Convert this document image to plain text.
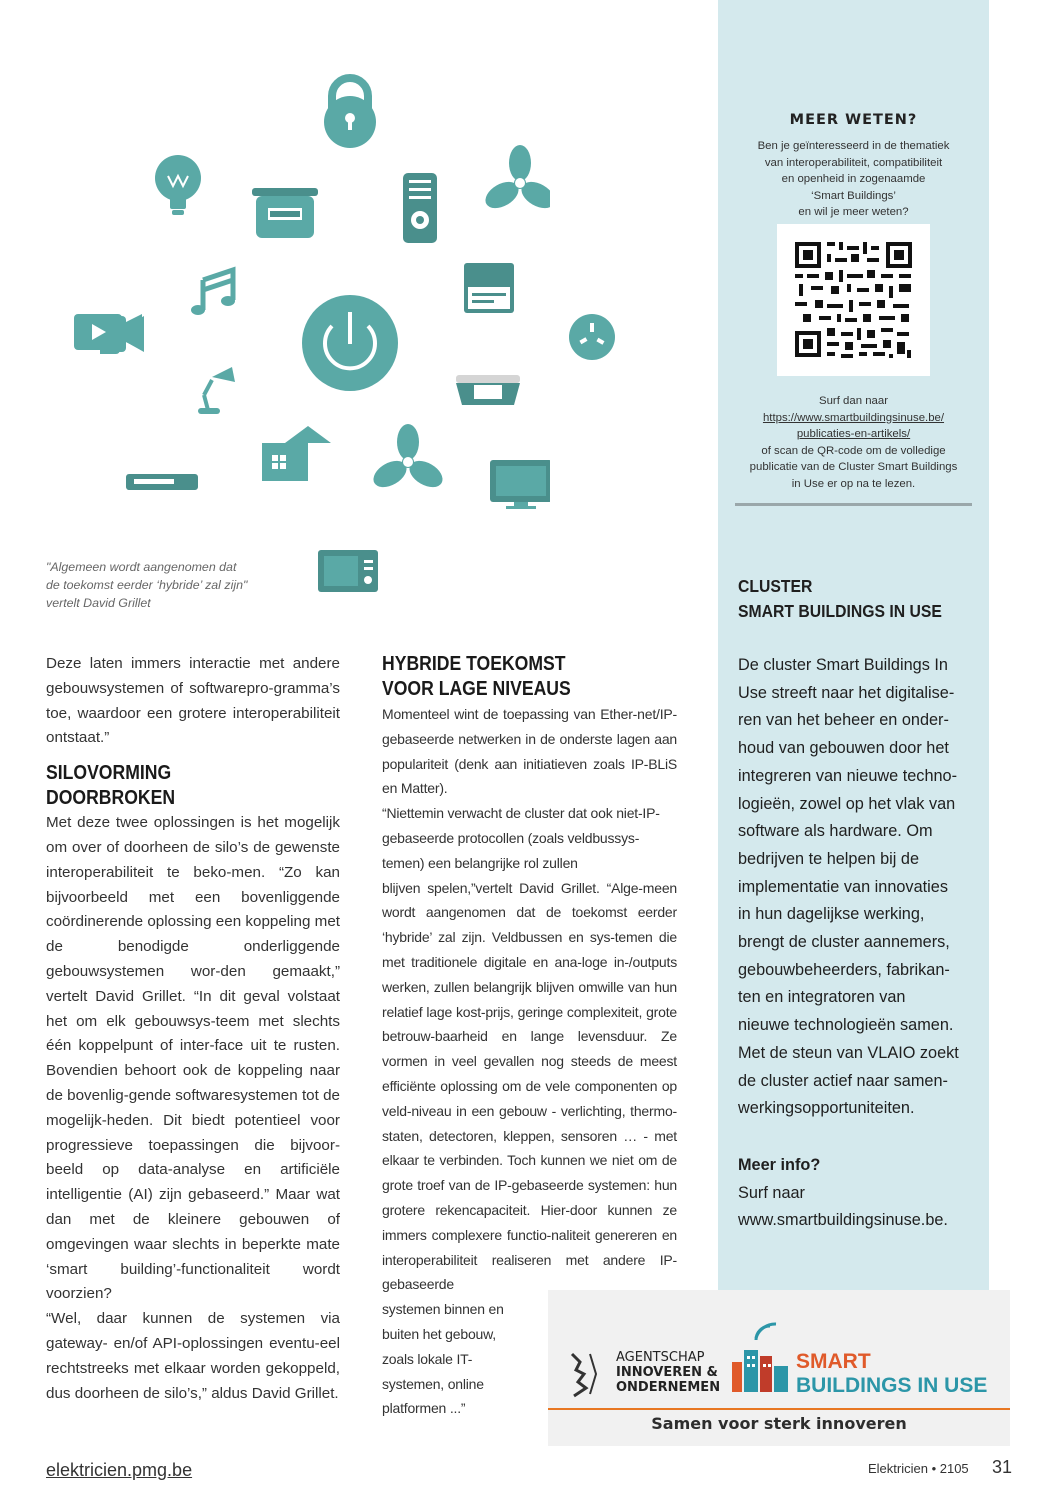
MEER WETEN?
Ben je geïnteresseerd in de thematiek
van interoperabiliteit, compatibiliteit
en openheid in zogenaamde
‘Smart Buildings’
en wil je meer weten?
Surf dan naar
https://www.smartbuildingsinuse.be/
publicaties-en-artikels/
of scan de QR-code om de volledige
publicatie van de Cluster Smart Buildings
in Use er op na te lezen.
CLUSTER
SMART BUILDINGS IN USE
De cluster Smart Buildings In
Use streeft naar het digitalise-
ren van het beheer en onder-
houd van gebouwen door het
integreren van nieuwe techno-
logieën, zowel op het vlak van
software als hardware. Om
bedrijven te helpen bij de
implementatie van innovaties
in hun dagelijkse werking,
brengt de cluster aannemers,
gebouwbeheerders, fabrikan-
ten en integratoren van
nieuwe technologieën samen.
Met de steun van VLAIO zoekt
de cluster actief naar samen-
werkingsopportuniteiten.
Meer info?
Surf naar
www.smartbuildingsinuse.be.
"Algemeen wordt aangenomen dat
de toekomst eerder ‘hybride’ zal zijn"
vertelt David Grillet

Deze laten immers interactie met andere gebouwsystemen of softwarepro-gramma’s toe, waardoor een grotere interoperabiliteit ontstaat.”

SILOVORMING DOORBROKEN

Met deze twee oplossingen is het mogelijk om over of doorheen de silo’s de gewenste interoperabiliteit te beko-men. “Zo kan bijvoorbeeld met een bovenliggende coördinerende oplossing een koppeling met de benodigde onderliggende gebouwsystemen wor-den gemaakt,” vertelt David Grillet. “In dit geval volstaat het om elk gebouwsys-teem met slechts één koppelpunt of inter-face uit te rusten. Bovendien behoort ook de koppeling naar de bovenlig-gende softwaresystemen tot de mogelijk-heden. Dit biedt potentieel voor progressieve toepassingen die bijvoor-beeld op data-analyse en artificiële intelligentie (AI) zijn gebaseerd.” Maar wat dan met de kleinere gebouwen of omgevingen waar slechts in beperkte mate ‘smart building’-functionaliteit wordt voorzien?

“Wel, daar kunnen de systemen via gateway- en/of API-oplossingen eventu-eel rechtstreeks met elkaar worden gekoppeld, dus doorheen de silo’s,” aldus David Grillet.

HYBRIDE TOEKOMST
VOOR LAGE NIVEAUS

Momenteel wint de toepassing van Ether-net/IP-gebaseerde netwerken in de onderste lagen aan populariteit (denk aan initiatieven zoals IP-BLiS en Matter).

“Niettemin verwacht de cluster dat ook niet-IP-gebaseerde protocollen (zoals veldbussys-temen) een belangrijke rol zullen

blijven spelen,”vertelt David Grillet. “Alge-meen wordt aangenomen dat de toekomst eerder ‘hybride’ zal zijn. Veldbussen en sys-temen die met traditionele digitale en ana-loge in-/outputs werken, zullen belangrijk blijven omwille van hun relatief lage kost-prijs, geringe complexiteit, grote betrouw-baarheid en lange levensduur. Ze vormen in veel gevallen nog steeds de meest efficiënte oplossing om de vele componenten op veld-niveau in een gebouw - verlichting, thermo-staten, detectoren, kleppen, sensoren … - met elkaar te verbinden. Toch kunnen we niet om de grote troef van de IP-gebaseerde systemen: hun grotere rekencapaciteit. Hier-door kunnen ze immers complexere functio-naliteit genereren en interoperabiliteit realiseren met andere IP-gebaseerde

systemen binnen en
buiten het gebouw,
zoals lokale IT-
systemen, online
platformen ...”
AGENTSCHAP
INNOVEREN &
ONDERNEMEN
SMART
BUILDINGS IN USE
Samen voor sterk innoveren
elektricien.pmg.be	Elektricien • 2105 31
